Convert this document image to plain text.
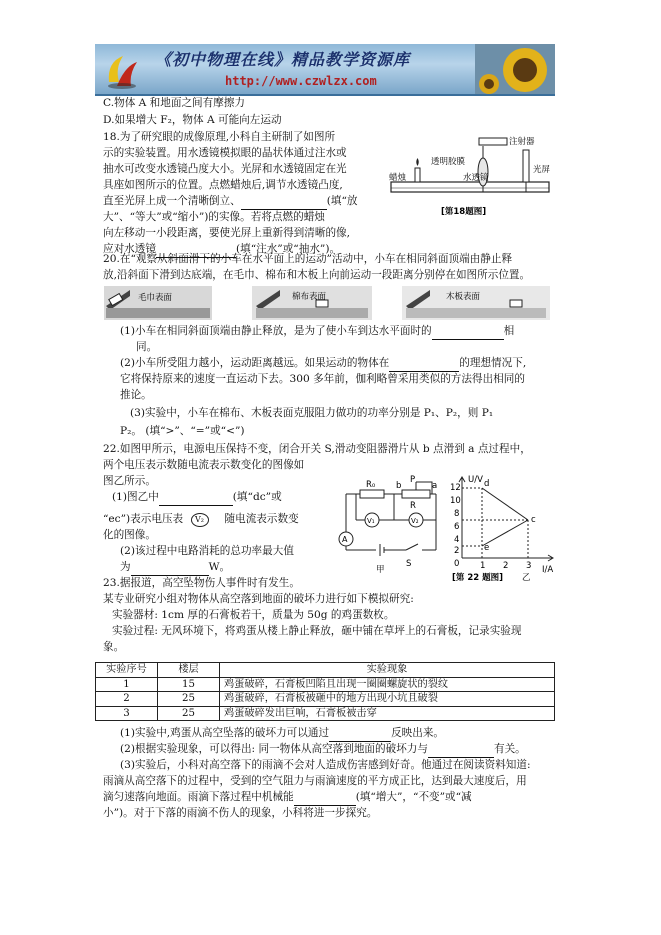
《初中物理在线》精品教学资源库
http://www.czwlzx.com
C.物体 A 和地面之间有摩擦力
D.如果增大 F₂，物体 A 可能向左运动
18.为了研究眼的成像原理,小科自主研制了如图所
示的实验装置。用水透镜模拟眼的晶状体通过注水或
抽水可改变水透镜凸度大小。光屏和水透镜固定在光
具座如图所示的位置。点燃蜡烛后,调节水透镜凸度,
直至光屏上成一个清晰倒立、	(填“放
大”、“等大”或“缩小”)的实像。若将点燃的蜡烛
向左移动一小段距离，要使光屏上重新得到清晰的像,
应对水透镜	(填“注水”或“抽水”)。
注射器
蜡烛
透明胶膜
水透镜
光屏
[第18题图]
20.在“观察从斜面滑下的小车在水平面上的运动”活动中，小车在相同斜面顶端由静止释
放,沿斜面下滑到达底端，在毛巾、棉布和木板上向前运动一段距离分别停在如图所示位置。
毛巾表面	棉布表面	木板表面
(1)小车在相同斜面顶端由静止释放，是为了使小车到达水平面时的	相
同。
(2)小车所受阻力越小，运动距离越远。如果运动的物体在	的理想情况下,
它将保持原来的速度一直运动下去。300 多年前，伽利略曾采用类似的方法得出相同的
推论。
(3)实验中，小车在棉布、木板表面克服阻力做功的功率分别是 P₁、P₂，则 P₁
P₂。 (填“>”、“=”或“<”)
22.如图甲所示，电源电压保持不变，闭合开关 S,滑动变阻器滑片从 b 点滑到 a 点过程中，
两个电压表示数随电流表示数变化的图像如
图乙所示。
(1)图乙中	(填“dc”或
“ec”)表示电压表 V₂ 随电流表示数变
化的图像。
(2)该过程中电路消耗的总功率最大值
为	W。
R₀	P
b	a
R
V₁	V₂
A
S
甲
U/V
I/A
12
10
8
6
4
2
0 1 2 3
d
c
e
[第 22 题图] 乙
23.据报道，高空坠物伤人事件时有发生。
某专业研究小组对物体从高空落到地面的破坏力进行如下模拟研究:
实验器材: 1cm 厚的石膏板若干，质量为 50g 的鸡蛋数枚。
实验过程: 无风环境下，将鸡蛋从楼上静止释放，砸中铺在草坪上的石膏板，记录实验现
象。
实验序号	楼层	实验现象
1	15	鸡蛋破碎，石膏板凹陷且出现一圈圈螺旋状的裂纹
2	25	鸡蛋破碎，石膏板被砸中的地方出现小坑且破裂
3	25	鸡蛋破碎发出巨响，石膏板被击穿
(1)实验中,鸡蛋从高空坠落的破坏力可以通过	反映出来。
(2)根据实验现象，可以得出: 同一物体从高空落到地面的破坏力与	有关。
(3)实验后，小科对高空落下的雨滴不会对人造成伤害感到好奇。他通过在阅读资料知道:
雨滴从高空落下的过程中，受到的空气阻力与雨滴速度的平方成正比，达到最大速度后，用
滴匀速落向地面。雨滴下落过程中机械能	(填“增大”，“不变”或“减
小”)。对于下落的雨滴不伤人的现象，小科将进一步探究。
